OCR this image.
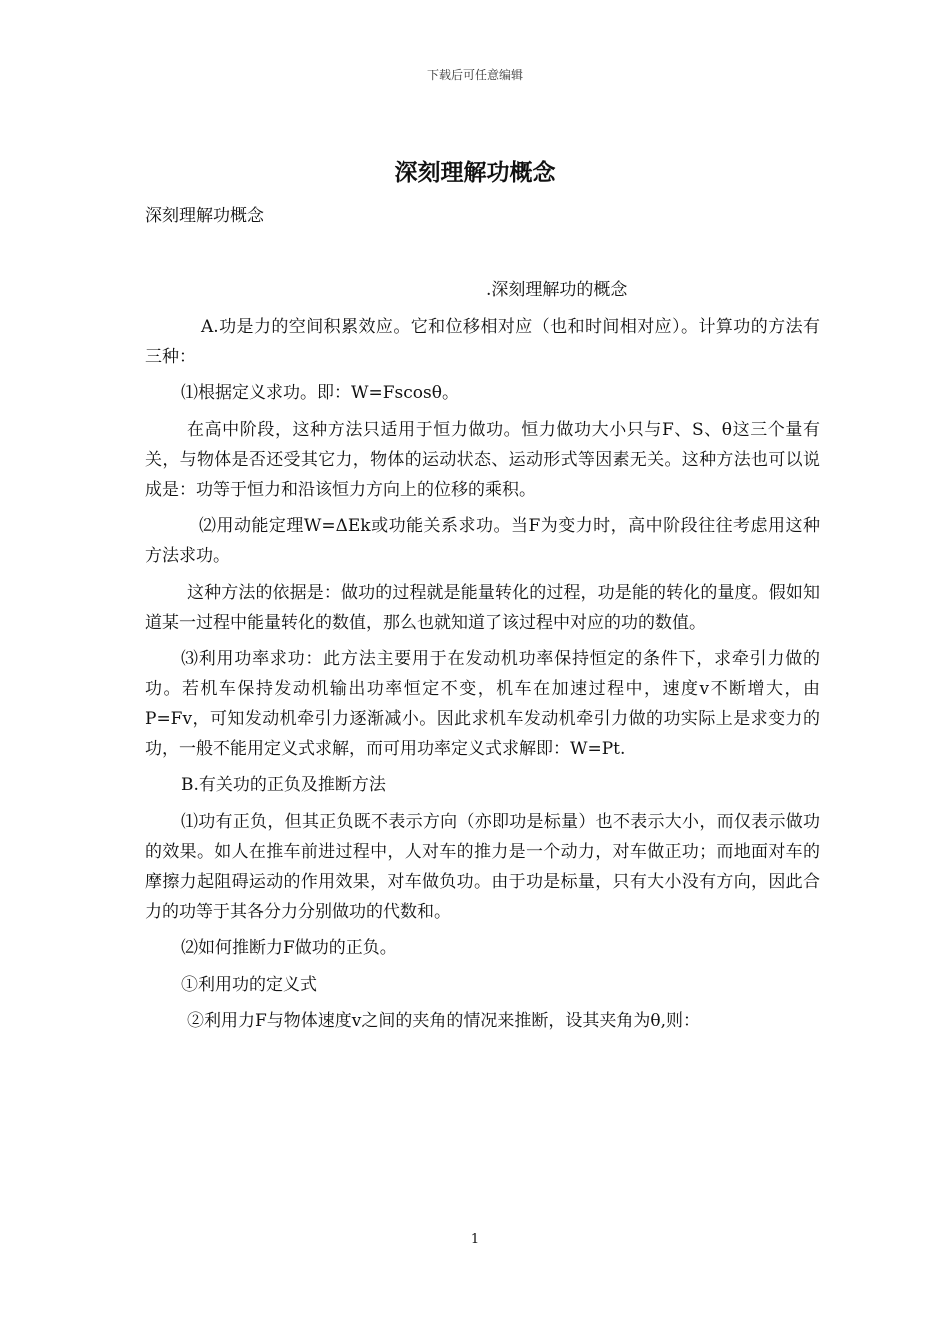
下载后可任意编辑
深刻理解功概念
深刻理解功概念
.深刻理解功的概念

A.功是力的空间积累效应。它和位移相对应（也和时间相对应）。计算功的方法有三种：

⑴根据定义求功。即：W=Fscosθ。

在高中阶段，这种方法只适用于恒力做功。恒力做功大小只与F、S、θ这三个量有关，与物体是否还受其它力，物体的运动状态、运动形式等因素无关。这种方法也可以说成是：功等于恒力和沿该恒力方向上的位移的乘积。

⑵用动能定理W=ΔEk或功能关系求功。当F为变力时，高中阶段往往考虑用这种方法求功。

这种方法的依据是：做功的过程就是能量转化的过程，功是能的转化的量度。假如知道某一过程中能量转化的数值，那么也就知道了该过程中对应的功的数值。

⑶利用功率求功：此方法主要用于在发动机功率保持恒定的条件下，求牵引力做的功。若机车保持发动机输出功率恒定不变，机车在加速过程中，速度v不断增大，由P=Fv，可知发动机牵引力逐渐减小。因此求机车发动机牵引力做的功实际上是求变力的功，一般不能用定义式求解，而可用功率定义式求解即：W=Pt.

B.有关功的正负及推断方法

⑴功有正负，但其正负既不表示方向（亦即功是标量）也不表示大小，而仅表示做功的效果。如人在推车前进过程中，人对车的推力是一个动力，对车做正功；而地面对车的摩擦力起阻碍运动的作用效果，对车做负功。由于功是标量，只有大小没有方向，因此合力的功等于其各分力分别做功的代数和。

⑵如何推断力F做功的正负。

①利用功的定义式

②利用力F与物体速度v之间的夹角的情况来推断，设其夹角为θ,则：

1
